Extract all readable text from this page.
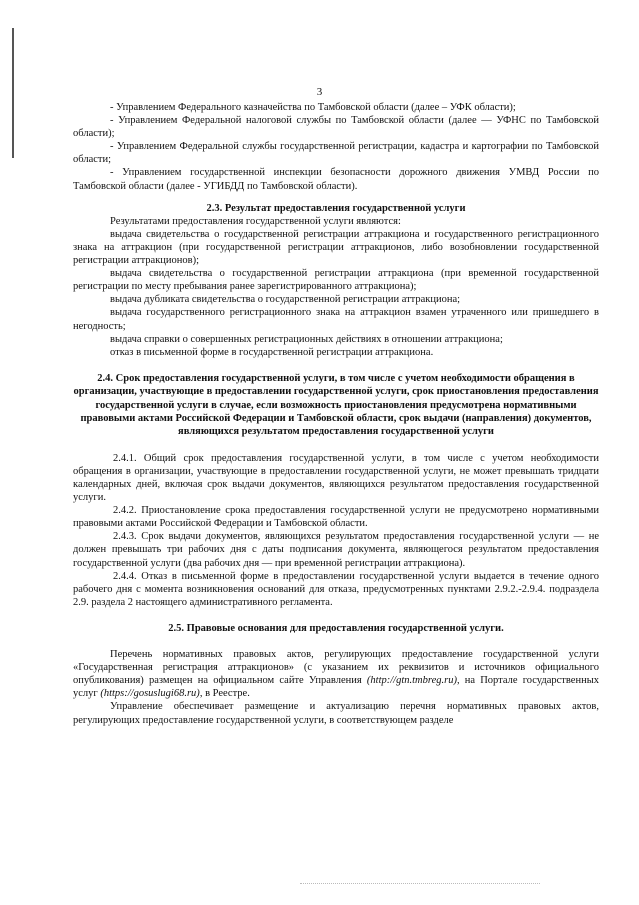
3

- Управлением Федерального казначейства по Тамбовской области (далее – УФК области);

- Управлением Федеральной налоговой службы по Тамбовской области (далее — УФНС по Тамбовской области);

- Управлением Федеральной службы государственной регистрации, кадастра и картографии по Тамбовской области;

- Управлением государственной инспекции безопасности дорожного движения УМВД России по Тамбовской области (далее - УГИБДД по Тамбовской области).

2.3. Результат предоставления государственной услуги

Результатами предоставления государственной услуги являются:

выдача свидетельства о государственной регистрации аттракциона и государственного регистрационного знака на аттракцион (при государственной регистрации аттракционов, либо возобновлении государственной регистрации аттракционов);

выдача свидетельства о государственной регистрации аттракциона (при временной государственной регистрации по месту пребывания ранее зарегистрированного аттракциона);

выдача дубликата свидетельства о государственной регистрации аттракциона;

выдача государственного регистрационного знака на аттракцион взамен утраченного или пришедшего в негодность;

выдача справки о совершенных регистрационных действиях в отношении аттракциона;

отказ в письменной форме в государственной регистрации аттракциона.

2.4. Срок предоставления государственной услуги, в том числе с учетом необходимости обращения в организации, участвующие в предоставлении государственной услуги, срок приостановления предоставления государственной услуги в случае, если возможность приостановления предусмотрена нормативными правовыми актами Российской Федерации и Тамбовской области, срок выдачи (направления) документов, являющихся результатом предоставления государственной услуги

2.4.1. Общий срок предоставления государственной услуги, в том числе с учетом необходимости обращения в организации, участвующие в предоставлении государственной услуги, не может превышать тридцати календарных дней, включая срок выдачи документов, являющихся результатом предоставления государственной услуги.

2.4.2. Приостановление срока предоставления государственной услуги не предусмотрено нормативными правовыми актами Российской Федерации и Тамбовской области.

2.4.3. Срок выдачи документов, являющихся результатом предоставления государственной услуги — не должен превышать три рабочих дня с даты подписания документа, являющегося результатом предоставления государственной услуги (два рабочих дня — при временной регистрации аттракциона).

2.4.4. Отказ в письменной форме в предоставлении государственной услуги выдается в течение одного рабочего дня с момента возникновения оснований для отказа, предусмотренных пунктами 2.9.2.-2.9.4. подраздела 2.9. раздела 2 настоящего административного регламента.

2.5. Правовые основания для предоставления государственной услуги.

Перечень нормативных правовых актов, регулирующих предоставление государственной услуги «Государственная регистрация аттракционов» (с указанием их реквизитов и источников официального опубликования) размещен на официальном сайте Управления (http://gtn.tmbreg.ru), на Портале государственных услуг (https://gosuslugi68.ru), в Реестре.

Управление обеспечивает размещение и актуализацию перечня нормативных правовых актов, регулирующих предоставление государственной услуги, в соответствующем разделе
